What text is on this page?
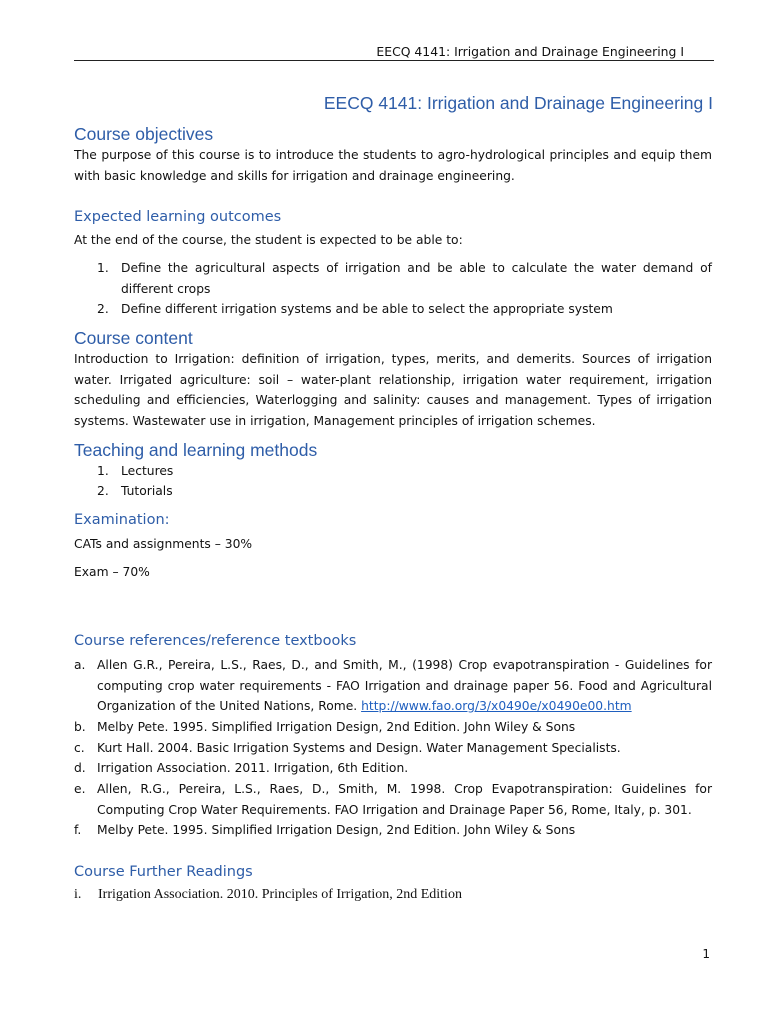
EECQ 4141: Irrigation and Drainage Engineering I
EECQ 4141: Irrigation and Drainage Engineering I
Course objectives

The purpose of this course is to introduce the students to agro-hydrological principles and equip them with basic knowledge and skills for irrigation and drainage engineering.

Expected learning outcomes
At the end of the course, the student is expected to be able to:
1. Define the agricultural aspects of irrigation and be able to calculate the water demand of different crops
2. Define different irrigation systems and be able to select the appropriate system
Course content

Introduction to Irrigation: definition of irrigation, types, merits, and demerits. Sources of irrigation water. Irrigated agriculture: soil – water-plant relationship, irrigation water requirement, irrigation scheduling and efficiencies, Waterlogging and salinity: causes and management. Types of irrigation systems. Wastewater use in irrigation, Management principles of irrigation schemes.

Teaching and learning methods
1. Lectures
2. Tutorials
Examination:
CATs and assignments – 30%
Exam – 70%
Course references/reference textbooks
a. Allen G.R., Pereira, L.S., Raes, D., and Smith, M., (1998) Crop evapotranspiration - Guidelines for computing crop water requirements - FAO Irrigation and drainage paper 56. Food and Agricultural Organization of the United Nations, Rome. http://www.fao.org/3/x0490e/x0490e00.htm
b. Melby Pete. 1995. Simplified Irrigation Design, 2nd Edition. John Wiley & Sons
c.	Kurt Hall. 2004. Basic Irrigation Systems and Design. Water Management Specialists.
d. Irrigation Association. 2011. Irrigation, 6th Edition.
e. Allen, R.G., Pereira, L.S., Raes, D., Smith, M. 1998. Crop Evapotranspiration: Guidelines for Computing Crop Water Requirements. FAO Irrigation and Drainage Paper 56, Rome, Italy, p. 301.
f.	Melby Pete. 1995. Simplified Irrigation Design, 2nd Edition. John Wiley & Sons
Course Further Readings
i. Irrigation Association. 2010. Principles of Irrigation, 2nd Edition
1
